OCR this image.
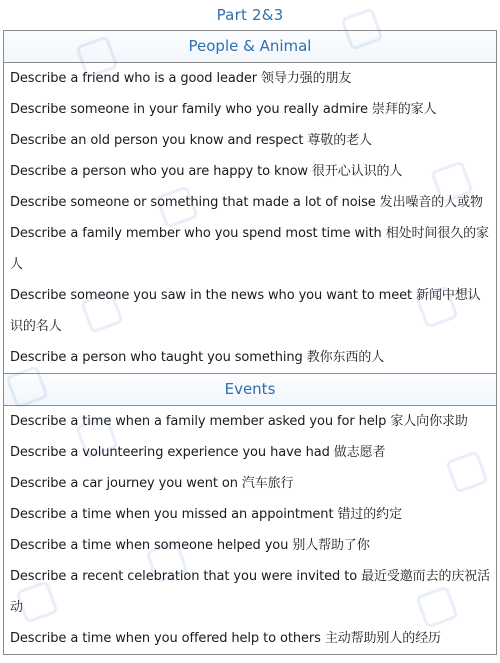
Part 2&3
People & Animal
Describe a friend who is a good leader 领导力强的朋友
Describe someone in your family who you really admire 崇拜的家人
Describe an old person you know and respect 尊敬的老人
Describe a person who you are happy to know 很开心认识的人
Describe someone or something that made a lot of noise 发出噪音的人或物
Describe a family member who you spend most time with 相处时间很久的家人
Describe someone you saw in the news who you want to meet 新闻中想认识的名人
Describe a person who taught you something 教你东西的人
Events
Describe a time when a family member asked you for help 家人向你求助
Describe a volunteering experience you have had 做志愿者
Describe a car journey you went on 汽车旅行
Describe a time when you missed an appointment 错过的约定
Describe a time when someone helped you 别人帮助了你
Describe a recent celebration that you were invited to 最近受邀而去的庆祝活动
Describe a time when you offered help to others 主动帮助别人的经历
